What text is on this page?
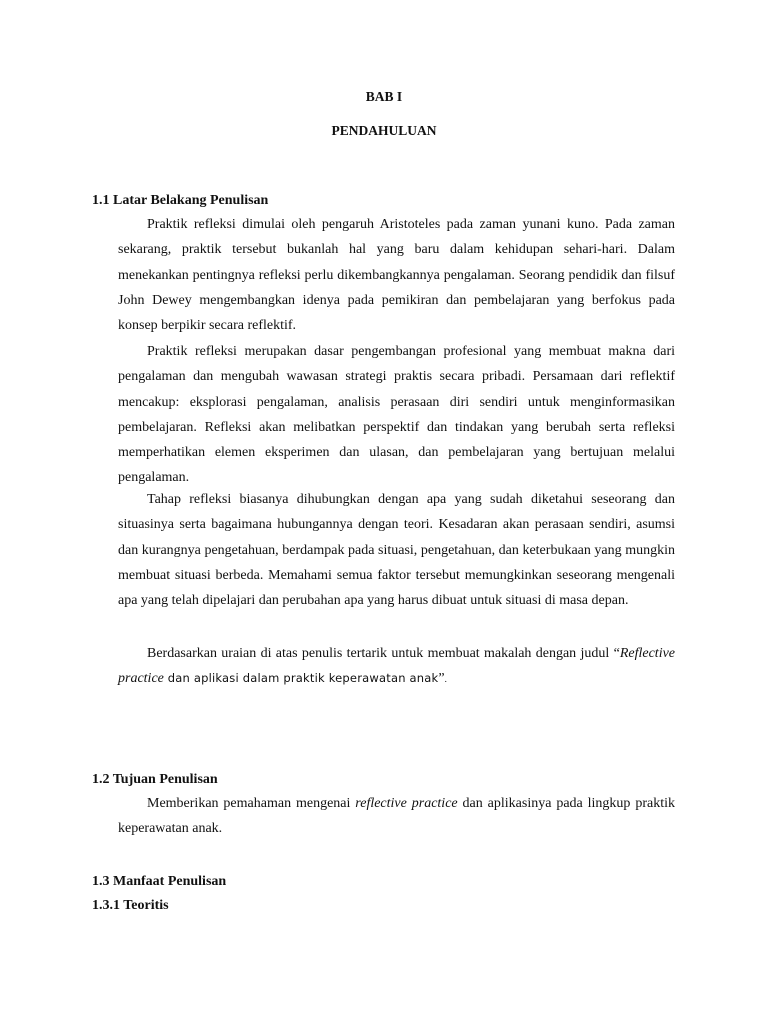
BAB I
PENDAHULUAN
1.1 Latar Belakang Penulisan

Praktik refleksi dimulai oleh pengaruh Aristoteles pada zaman yunani kuno. Pada zaman sekarang, praktik tersebut bukanlah hal yang baru dalam kehidupan sehari-hari. Dalam menekankan pentingnya refleksi perlu dikembangkannya pengalaman. Seorang pendidik dan filsuf John Dewey mengembangkan idenya pada pemikiran dan pembelajaran yang berfokus pada konsep berpikir secara reflektif.

Praktik refleksi merupakan dasar pengembangan profesional yang membuat makna dari pengalaman dan mengubah wawasan strategi praktis secara pribadi. Persamaan dari reflektif mencakup: eksplorasi pengalaman, analisis perasaan diri sendiri untuk menginformasikan pembelajaran. Refleksi akan melibatkan perspektif dan tindakan yang berubah serta refleksi memperhatikan elemen eksperimen dan ulasan, dan pembelajaran yang bertujuan melalui pengalaman.

Tahap refleksi biasanya dihubungkan dengan apa yang sudah diketahui seseorang dan situasinya serta bagaimana hubungannya dengan teori. Kesadaran akan perasaan sendiri, asumsi dan kurangnya pengetahuan, berdampak pada situasi, pengetahuan, dan keterbukaan yang mungkin membuat situasi berbeda. Memahami semua faktor tersebut memungkinkan seseorang mengenali apa yang telah dipelajari dan perubahan apa yang harus dibuat untuk situasi di masa depan.

Berdasarkan uraian di atas penulis tertarik untuk membuat makalah dengan judul “Reflective practice dan aplikasi dalam praktik keperawatan anak”.

1.2 Tujuan Penulisan

Memberikan pemahaman mengenai reflective practice dan aplikasinya pada lingkup praktik keperawatan anak.

1.3 Manfaat Penulisan
1.3.1 Teoritis
